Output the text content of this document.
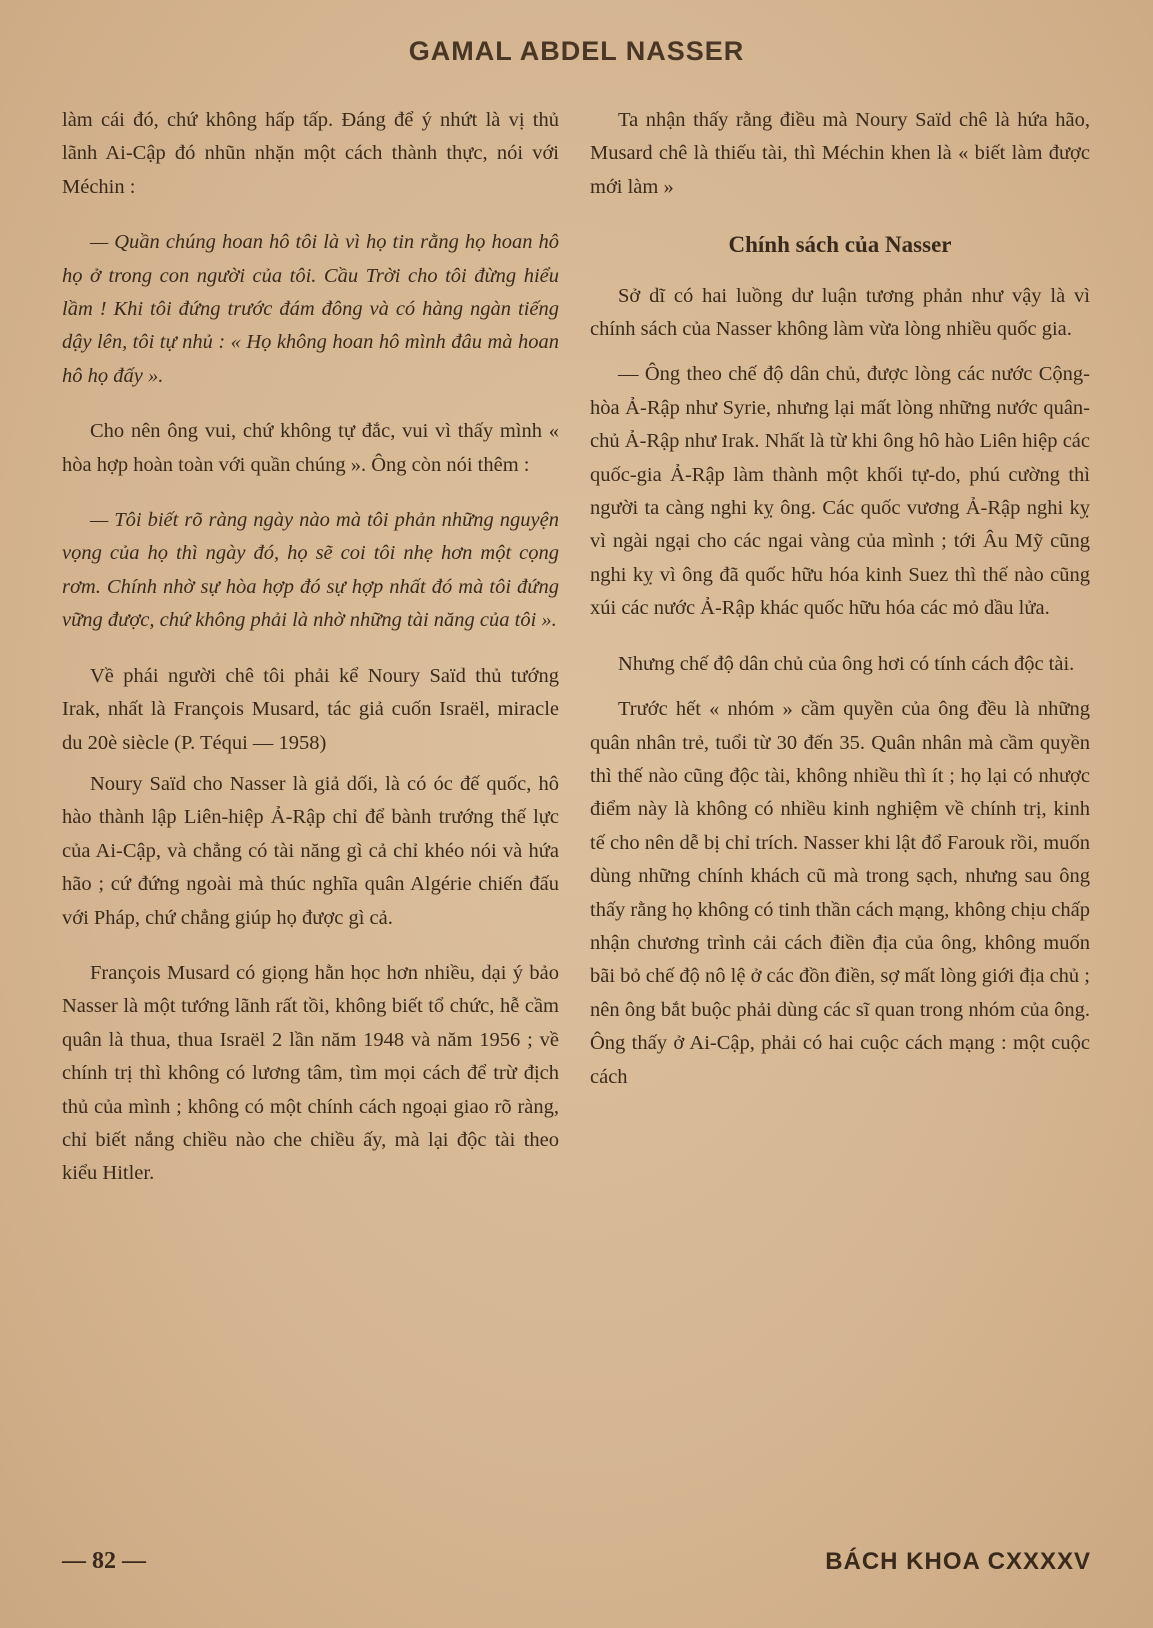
GAMAL ABDEL NASSER

làm cái đó, chứ không hấp tấp. Đáng để ý nhứt là vị thủ lãnh Ai-Cập đó nhũn nhặn một cách thành thực, nói với Méchin :

— Quần chúng hoan hô tôi là vì họ tin rằng họ hoan hô họ ở trong con người của tôi. Cầu Trời cho tôi đừng hiểu lầm ! Khi tôi đứng trước đám đông và có hàng ngàn tiếng dậy lên, tôi tự nhủ : « Họ không hoan hô mình đâu mà hoan hô họ đấy ».

Cho nên ông vui, chứ không tự đắc, vui vì thấy mình « hòa hợp hoàn toàn với quần chúng ». Ông còn nói thêm :

— Tôi biết rõ ràng ngày nào mà tôi phản những nguyện vọng của họ thì ngày đó, họ sẽ coi tôi nhẹ hơn một cọng rơm. Chính nhờ sự hòa hợp đó sự hợp nhất đó mà tôi đứng vững được, chứ không phải là nhờ những tài năng của tôi ».

Về phái người chê tôi phải kể Noury Saïd thủ tướng Irak, nhất là François Musard, tác giả cuốn Israël, miracle du 20è siècle (P. Téqui — 1958)

Noury Saïd cho Nasser là giả dối, là có óc đế quốc, hô hào thành lập Liên-hiệp Ả-Rập chỉ để bành trướng thế lực của Ai-Cập, và chẳng có tài năng gì cả chỉ khéo nói và hứa hão ; cứ đứng ngoài mà thúc nghĩa quân Algérie chiến đấu với Pháp, chứ chẳng giúp họ được gì cả.

François Musard có giọng hằn học hơn nhiều, dại ý bảo Nasser là một tướng lãnh rất tồi, không biết tổ chức, hễ cầm quân là thua, thua Israël 2 lần năm 1948 và năm 1956 ; về chính trị thì không có lương tâm, tìm mọi cách để trừ địch thủ của mình ; không có một chính cách ngoại giao rõ ràng, chỉ biết nắng chiều nào che chiều ấy, mà lại độc tài theo kiểu Hitler.

Ta nhận thấy rằng điều mà Noury Saïd chê là hứa hão, Musard chê là thiếu tài, thì Méchin khen là « biết làm được mới làm »

Chính sách của Nasser

Sở dĩ có hai luồng dư luận tương phản như vậy là vì chính sách của Nasser không làm vừa lòng nhiều quốc gia.

— Ông theo chế độ dân chủ, được lòng các nước Cộng-hòa Ả-Rập như Syrie, nhưng lại mất lòng những nước quân-chủ Ả-Rập như Irak. Nhất là từ khi ông hô hào Liên hiệp các quốc-gia Ả-Rập làm thành một khối tự-do, phú cường thì người ta càng nghi kỵ ông. Các quốc vương Ả-Rập nghi kỵ vì ngài ngại cho các ngai vàng của mình ; tới Âu Mỹ cũng nghi kỵ vì ông đã quốc hữu hóa kinh Suez thì thế nào cũng xúi các nước Ả-Rập khác quốc hữu hóa các mỏ dầu lửa.

Nhưng chế độ dân chủ của ông hơi có tính cách độc tài.

Trước hết « nhóm » cầm quyền của ông đều là những quân nhân trẻ, tuổi từ 30 đến 35. Quân nhân mà cầm quyền thì thế nào cũng độc tài, không nhiều thì ít ; họ lại có nhược điểm này là không có nhiều kinh nghiệm về chính trị, kinh tế cho nên dễ bị chỉ trích. Nasser khi lật đổ Farouk rồi, muốn dùng những chính khách cũ mà trong sạch, nhưng sau ông thấy rằng họ không có tinh thần cách mạng, không chịu chấp nhận chương trình cải cách điền địa của ông, không muốn bãi bỏ chế độ nô lệ ở các đồn điền, sợ mất lòng giới địa chủ ; nên ông bắt buộc phải dùng các sĩ quan trong nhóm của ông. Ông thấy ở Ai-Cập, phải có hai cuộc cách mạng : một cuộc cách

— 82 —	BÁCH KHOA CXXXXV
